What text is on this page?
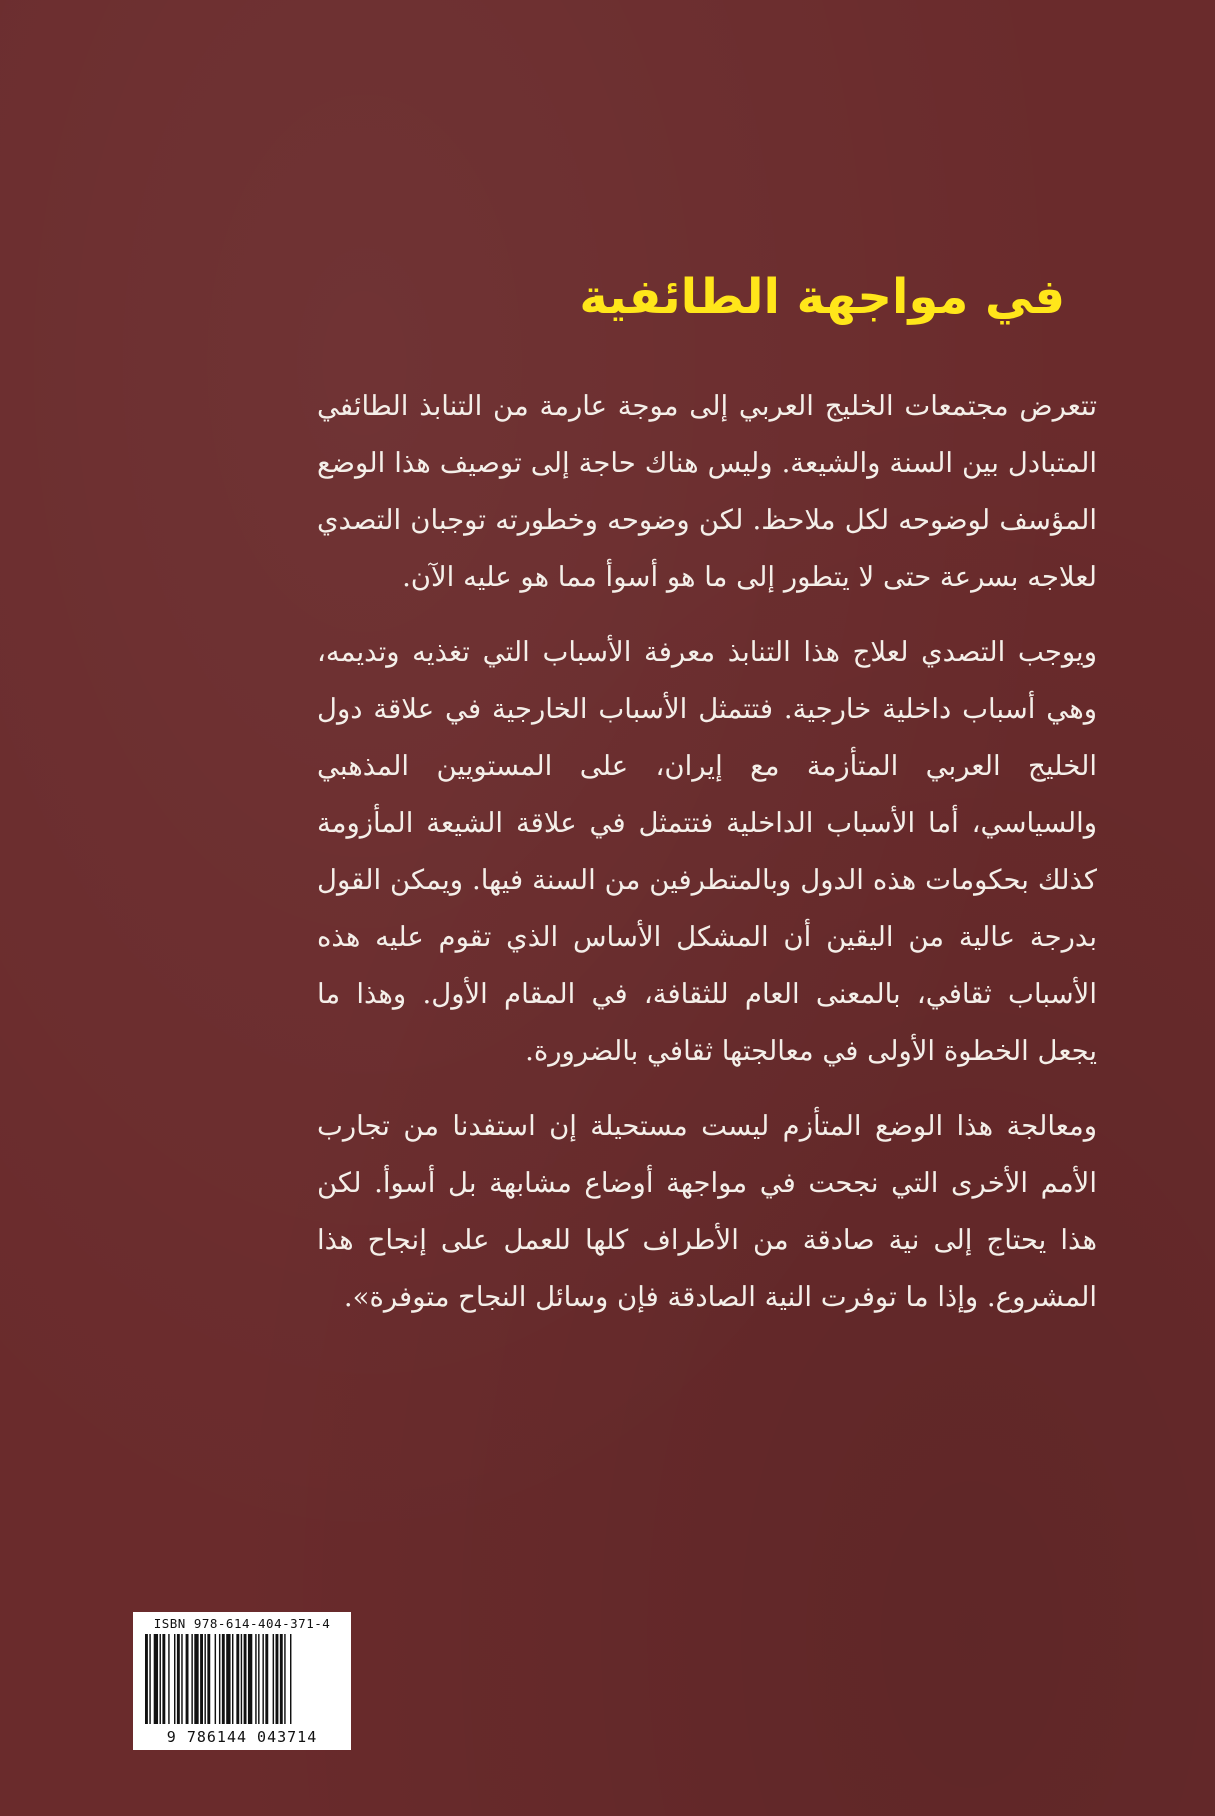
في مواجهة الطائفية

تتعرض مجتمعات الخليج العربي إلى موجة عارمة من التنابذ الطائفي المتبادل بين السنة والشيعة. وليس هناك حاجة إلى توصيف هذا الوضع المؤسف لوضوحه لكل ملاحظ. لكن وضوحه وخطورته توجبان التصدي لعلاجه بسرعة حتى لا يتطور إلى ما هو أسوأ مما هو عليه الآن.

ويوجب التصدي لعلاج هذا التنابذ معرفة الأسباب التي تغذيه وتديمه، وهي أسباب داخلية خارجية. فتتمثل الأسباب الخارجية في علاقة دول الخليج العربي المتأزمة مع إيران، على المستويين المذهبي والسياسي، أما الأسباب الداخلية فتتمثل في علاقة الشيعة المأزومة كذلك بحكومات هذه الدول وبالمتطرفين من السنة فيها. ويمكن القول بدرجة عالية من اليقين أن المشكل الأساس الذي تقوم عليه هذه الأسباب ثقافي، بالمعنى العام للثقافة، في المقام الأول. وهذا ما يجعل الخطوة الأولى في معالجتها ثقافي بالضرورة.

ومعالجة هذا الوضع المتأزم ليست مستحيلة إن استفدنا من تجارب الأمم الأخرى التي نجحت في مواجهة أوضاع مشابهة بل أسوأ. لكن هذا يحتاج إلى نية صادقة من الأطراف كلها للعمل على إنجاح هذا المشروع. وإذا ما توفرت النية الصادقة فإن وسائل النجاح متوفرة».

ISBN 978-614-404-371-4
9 786144 043714
